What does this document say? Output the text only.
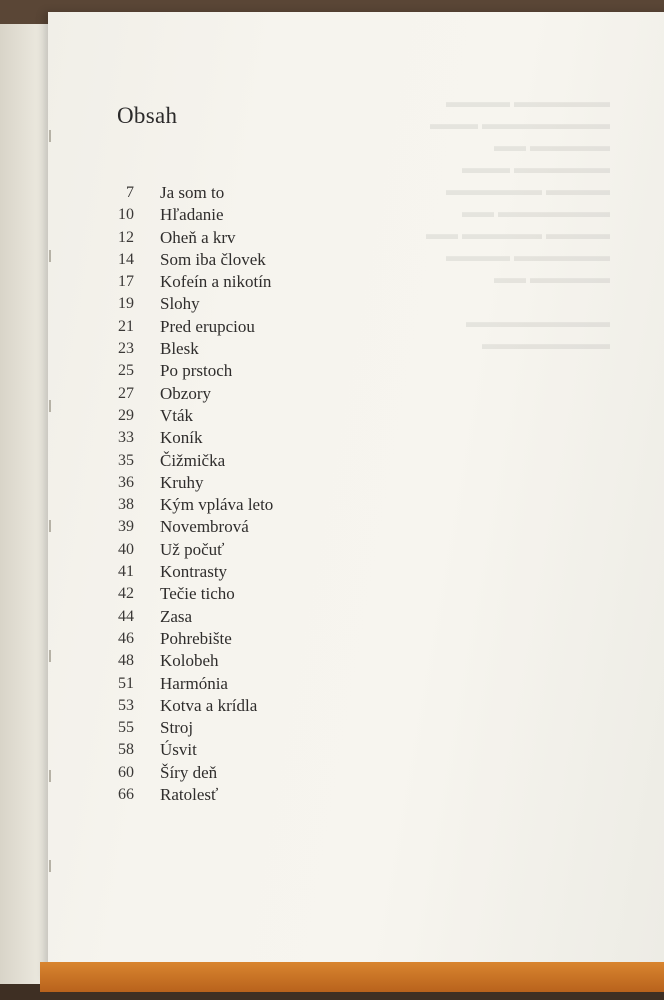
▬▬▬▬▬▬ ▬▬▬▬
▬▬▬▬▬▬▬▬ ▬▬▬
▬▬▬▬▬ ▬▬
▬▬▬▬▬▬ ▬▬▬
▬▬▬▬ ▬▬▬▬▬▬
▬▬▬▬▬▬▬ ▬▬
▬▬▬▬ ▬▬▬▬▬ ▬▬
▬▬▬▬▬▬ ▬▬▬▬
▬▬▬▬▬ ▬▬

▬▬▬▬▬▬▬▬▬ ▬▬▬▬▬▬▬▬
Obsah
7 Ja som to
10 Hľadanie
12 Oheň a krv
14 Som iba človek
17 Kofeín a nikotín
19 Slohy
21 Pred erupciou
23 Blesk
25 Po prstoch
27 Obzory
29 Vták
33 Koník
35 Čižmička
36 Kruhy
38 Kým vpláva leto
39 Novembrová
40 Už počuť
41 Kontrasty
42 Tečie ticho
44 Zasa
46 Pohrebište
48 Kolobeh
51 Harmónia
53 Kotva a krídla
55 Stroj
58 Úsvit
60 Šíry deň
66 Ratolesť
